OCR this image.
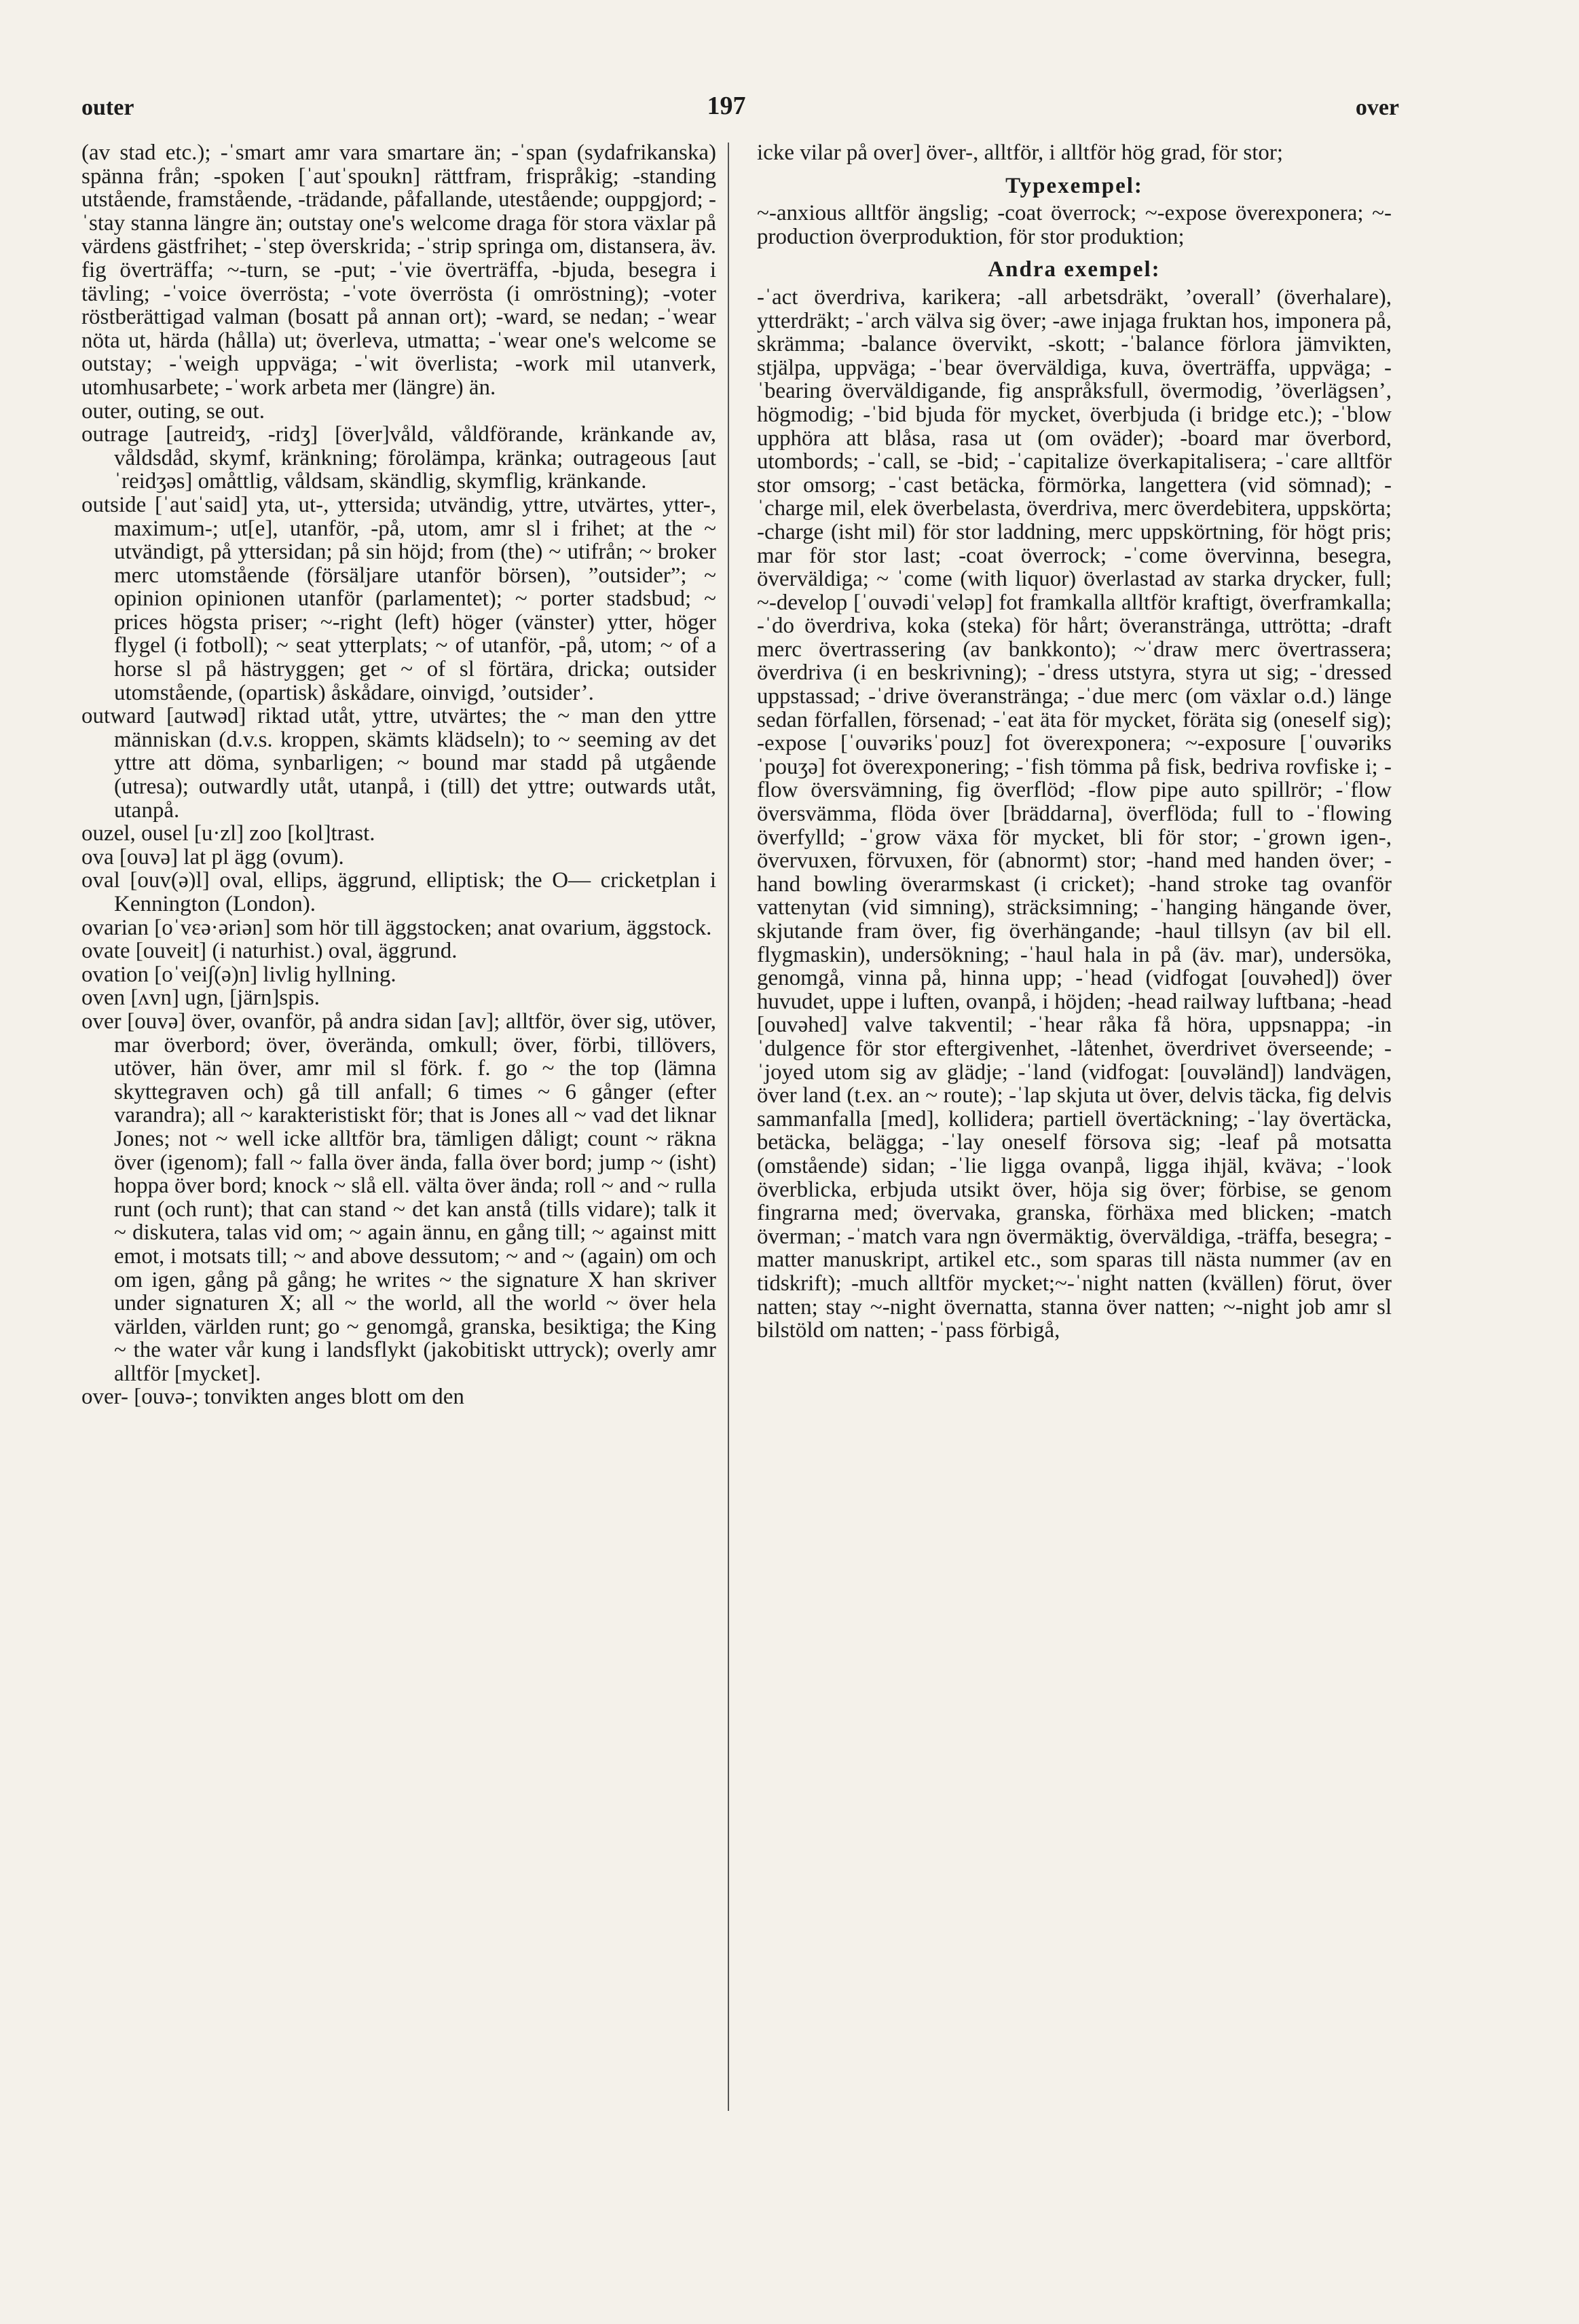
outer	197	over

(av stad etc.); -ˈsmart amr vara smartare än; -ˈspan (sydafrikanska) spänna från; -spoken [ˈautˈspoukn] rättfram, frispråkig; -standing utstående, framstående, -trädande, påfallande, utestående; ouppgjord; -ˈstay stanna längre än; outstay one's welcome draga för stora växlar på värdens gästfrihet; -ˈstep överskrida; -ˈstrip springa om, distansera, äv. fig överträffa; ~-turn, se -put; -ˈvie överträffa, -bjuda, besegra i tävling; -ˈvoice överrösta; -ˈvote överrösta (i omröstning); -voter röstberättigad valman (bosatt på annan ort); -ward, se nedan; -ˈwear nöta ut, härda (hålla) ut; överleva, utmatta; -ˈwear one's welcome se outstay; -ˈweigh uppväga; -ˈwit överlista; -work mil utanverk, utomhusarbete; -ˈwork arbeta mer (längre) än.

outer, outing, se out.

outrage [autreidʒ, -ridʒ] [över]våld, våldförande, kränkande av, våldsdåd, skymf, kränkning; förolämpa, kränka; outrageous [autˈreidʒəs] omåttlig, våldsam, skändlig, skymflig, kränkande.

outside [ˈautˈsaid] yta, ut-, yttersida; utvändig, yttre, utvärtes, ytter-, maximum-; ut[e], utanför, -på, utom, amr sl i frihet; at the ~ utvändigt, på yttersidan; på sin höjd; from (the) ~ utifrån; ~ broker merc utomstående (försäljare utanför börsen), ”outsider”; ~ opinion opinionen utanför (parlamentet); ~ porter stadsbud; ~ prices högsta priser; ~-right (left) höger (vänster) ytter, höger flygel (i fotboll); ~ seat ytterplats; ~ of utanför, -på, utom; ~ of a horse sl på hästryggen; get ~ of sl förtära, dricka; outsider utomstående, (opartisk) åskådare, oinvigd, ’outsider’.

outward [autwəd] riktad utåt, yttre, utvärtes; the ~ man den yttre människan (d.v.s. kroppen, skämts klädseln); to ~ seeming av det yttre att döma, synbarligen; ~ bound mar stadd på utgående (utresa); outwardly utåt, utanpå, i (till) det yttre; outwards utåt, utanpå.

ouzel, ousel [u·zl] zoo [kol]trast.

ova [ouvə] lat pl ägg (ovum).

oval [ouv(ə)l] oval, ellips, äggrund, elliptisk; the O— cricketplan i Kennington (London).

ovarian [oˈvɛə·əriən] som hör till äggstocken; anat ovarium, äggstock.

ovate [ouveit] (i naturhist.) oval, äggrund.

ovation [oˈvei∫(ə)n] livlig hyllning.

oven [ʌvn] ugn, [järn]spis.

over [ouvə] över, ovanför, på andra sidan [av]; alltför, över sig, utöver, mar överbord; över, överända, omkull; över, förbi, tillövers, utöver, hän över, amr mil sl förk. f. go ~ the top (lämna skyttegraven och) gå till anfall; 6 times ~ 6 gånger (efter varandra); all ~ karakteristiskt för; that is Jones all ~ vad det liknar Jones; not ~ well icke alltför bra, tämligen dåligt; count ~ räkna över (igenom); fall ~ falla över ända, falla över bord; jump ~ (isht) hoppa över bord; knock ~ slå ell. välta över ända; roll ~ and ~ rulla runt (och runt); that can stand ~ det kan anstå (tills vidare); talk it ~ diskutera, talas vid om; ~ again ännu, en gång till; ~ against mitt emot, i motsats till; ~ and above dessutom; ~ and ~ (again) om och om igen, gång på gång; he writes ~ the signature X han skriver under signaturen X; all ~ the world, all the world ~ över hela världen, världen runt; go ~ genomgå, granska, besiktiga; the King ~ the water vår kung i landsflykt (jakobitiskt uttryck); overly amr alltför [mycket].

over- [ouvə-; tonvikten anges blott om den

icke vilar på over] över-, alltför, i alltför hög grad, för stor;

Typexempel:

~-anxious alltför ängslig; -coat överrock; ~-expose överexponera; ~-production överproduktion, för stor produktion;

Andra exempel:

-ˈact överdriva, karikera; -all arbetsdräkt, ’overall’ (överhalare), ytterdräkt; -ˈarch välva sig över; -awe injaga fruktan hos, imponera på, skrämma; -balance övervikt, -skott; -ˈbalance förlora jämvikten, stjälpa, uppväga; -ˈbear överväldiga, kuva, överträffa, uppväga; -ˈbearing överväldigande, fig anspråksfull, övermodig, ’överlägsen’, högmodig; -ˈbid bjuda för mycket, överbjuda (i bridge etc.); -ˈblow upphöra att blåsa, rasa ut (om oväder); -board mar överbord, utombords; -ˈcall, se -bid; -ˈcapitalize överkapitalisera; -ˈcare alltför stor omsorg; -ˈcast betäcka, förmörka, langettera (vid sömnad); -ˈcharge mil, elek överbelasta, överdriva, merc överdebitera, uppskörta; -charge (isht mil) för stor laddning, merc uppskörtning, för högt pris; mar för stor last; -coat överrock; -ˈcome övervinna, besegra, överväldiga; ~ ˈcome (with liquor) överlastad av starka drycker, full; ~-develop [ˈouvədiˈveləp] fot framkalla alltför kraftigt, överframkalla; -ˈdo överdriva, koka (steka) för hårt; överanstränga, uttrötta; -draft merc övertrassering (av bankkonto); ~ˈdraw merc övertrassera; överdriva (i en beskrivning); -ˈdress utstyra, styra ut sig; -ˈdressed uppstassad; -ˈdrive överanstränga; -ˈdue merc (om växlar o.d.) länge sedan förfallen, försenad; -ˈeat äta för mycket, föräta sig (oneself sig); -expose [ˈouvəriksˈpouz] fot överexponera; ~-exposure [ˈouvəriksˈpouʒə] fot överexponering; -ˈfish tömma på fisk, bedriva rovfiske i; -flow översvämning, fig överflöd; -flow pipe auto spillrör; -ˈflow översvämma, flöda över [bräddarna], överflöda; full to -ˈflowing överfylld; -ˈgrow växa för mycket, bli för stor; -ˈgrown igen-, övervuxen, förvuxen, för (abnormt) stor; -hand med handen över; -hand bowling överarmskast (i cricket); -hand stroke tag ovanför vattenytan (vid simning), sträcksimning; -ˈhanging hängande över, skjutande fram över, fig överhängande; -haul tillsyn (av bil ell. flygmaskin), undersökning; -ˈhaul hala in på (äv. mar), undersöka, genomgå, vinna på, hinna upp; -ˈhead (vidfogat [ouvəhed]) över huvudet, uppe i luften, ovanpå, i höjden; -head railway luftbana; -head [ouvəhed] valve takventil; -ˈhear råka få höra, uppsnappa; -inˈdulgence för stor eftergivenhet, -låtenhet, överdrivet överseende; -ˈjoyed utom sig av glädje; -ˈland (vidfogat: [ouvəländ]) landvägen, över land (t.ex. an ~ route); -ˈlap skjuta ut över, delvis täcka, fig delvis sammanfalla [med], kollidera; partiell övertäckning; -ˈlay övertäcka, betäcka, belägga; -ˈlay oneself försova sig; -leaf på motsatta (omstående) sidan; -ˈlie ligga ovanpå, ligga ihjäl, kväva; -ˈlook överblicka, erbjuda utsikt över, höja sig över; förbise, se genom fingrarna med; övervaka, granska, förhäxa med blicken; -match överman; -ˈmatch vara ngn övermäktig, överväldiga, -träffa, besegra; -matter manuskript, artikel etc., som sparas till nästa nummer (av en tidskrift); -much alltför mycket;~-ˈnight natten (kvällen) förut, över natten; stay ~-night övernatta, stanna över natten; ~-night job amr sl bilstöld om natten; -ˈpass förbigå,
